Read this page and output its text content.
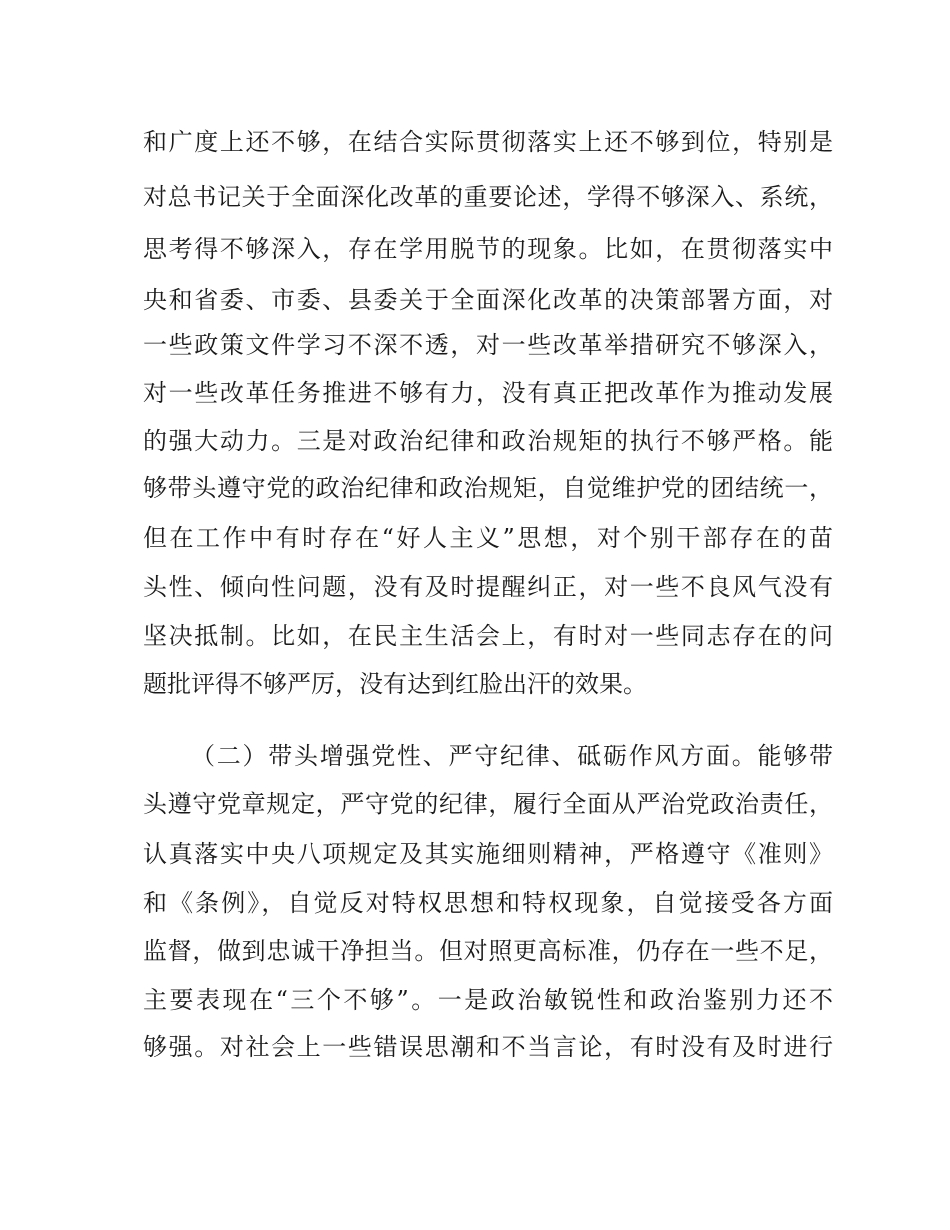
和广度上还不够，在结合实际贯彻落实上还不够到位，特别是
对总书记关于全面深化改革的重要论述，学得不够深入、系统，
思考得不够深入，存在学用脱节的现象。比如，在贯彻落实中
央和省委、市委、县委关于全面深化改革的决策部署方面，对
一些政策文件学习不深不透，对一些改革举措研究不够深入，
对一些改革任务推进不够有力，没有真正把改革作为推动发展
的强大动力。三是对政治纪律和政治规矩的执行不够严格。能
够带头遵守党的政治纪律和政治规矩，自觉维护党的团结统一，
但在工作中有时存在“好人主义”思想，对个别干部存在的苗
头性、倾向性问题，没有及时提醒纠正，对一些不良风气没有
坚决抵制。比如，在民主生活会上，有时对一些同志存在的问
题批评得不够严厉，没有达到红脸出汗的效果。
（二）带头增强党性、严守纪律、砥砺作风方面。能够带
头遵守党章规定，严守党的纪律，履行全面从严治党政治责任，
认真落实中央八项规定及其实施细则精神，严格遵守《准则》
和《条例》，自觉反对特权思想和特权现象，自觉接受各方面
监督，做到忠诚干净担当。但对照更高标准，仍存在一些不足，
主要表现在“三个不够”。一是政治敏锐性和政治鉴别力还不
够强。对社会上一些错误思潮和不当言论，有时没有及时进行
